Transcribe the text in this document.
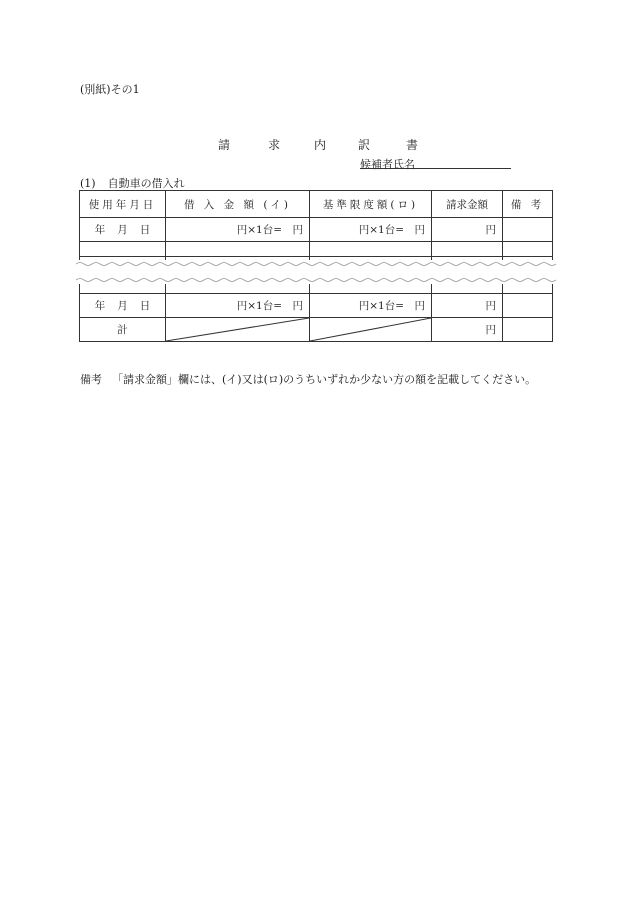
(別紙)その1
請	求	内	訳	書
候補者氏名
(1) 自動車の借入れ
使用年月日	借 入 金 額 (イ)	基準限度額(ロ)	請求金額	備 考
年 月 日	円×1台=　円	円×1台=　円	円	

年 月 日	円×1台=　円	円×1台=　円	円	
計			円	
備考 「請求金額」欄には、(イ)又は(ロ)のうちいずれか少ない方の額を記載してください。
